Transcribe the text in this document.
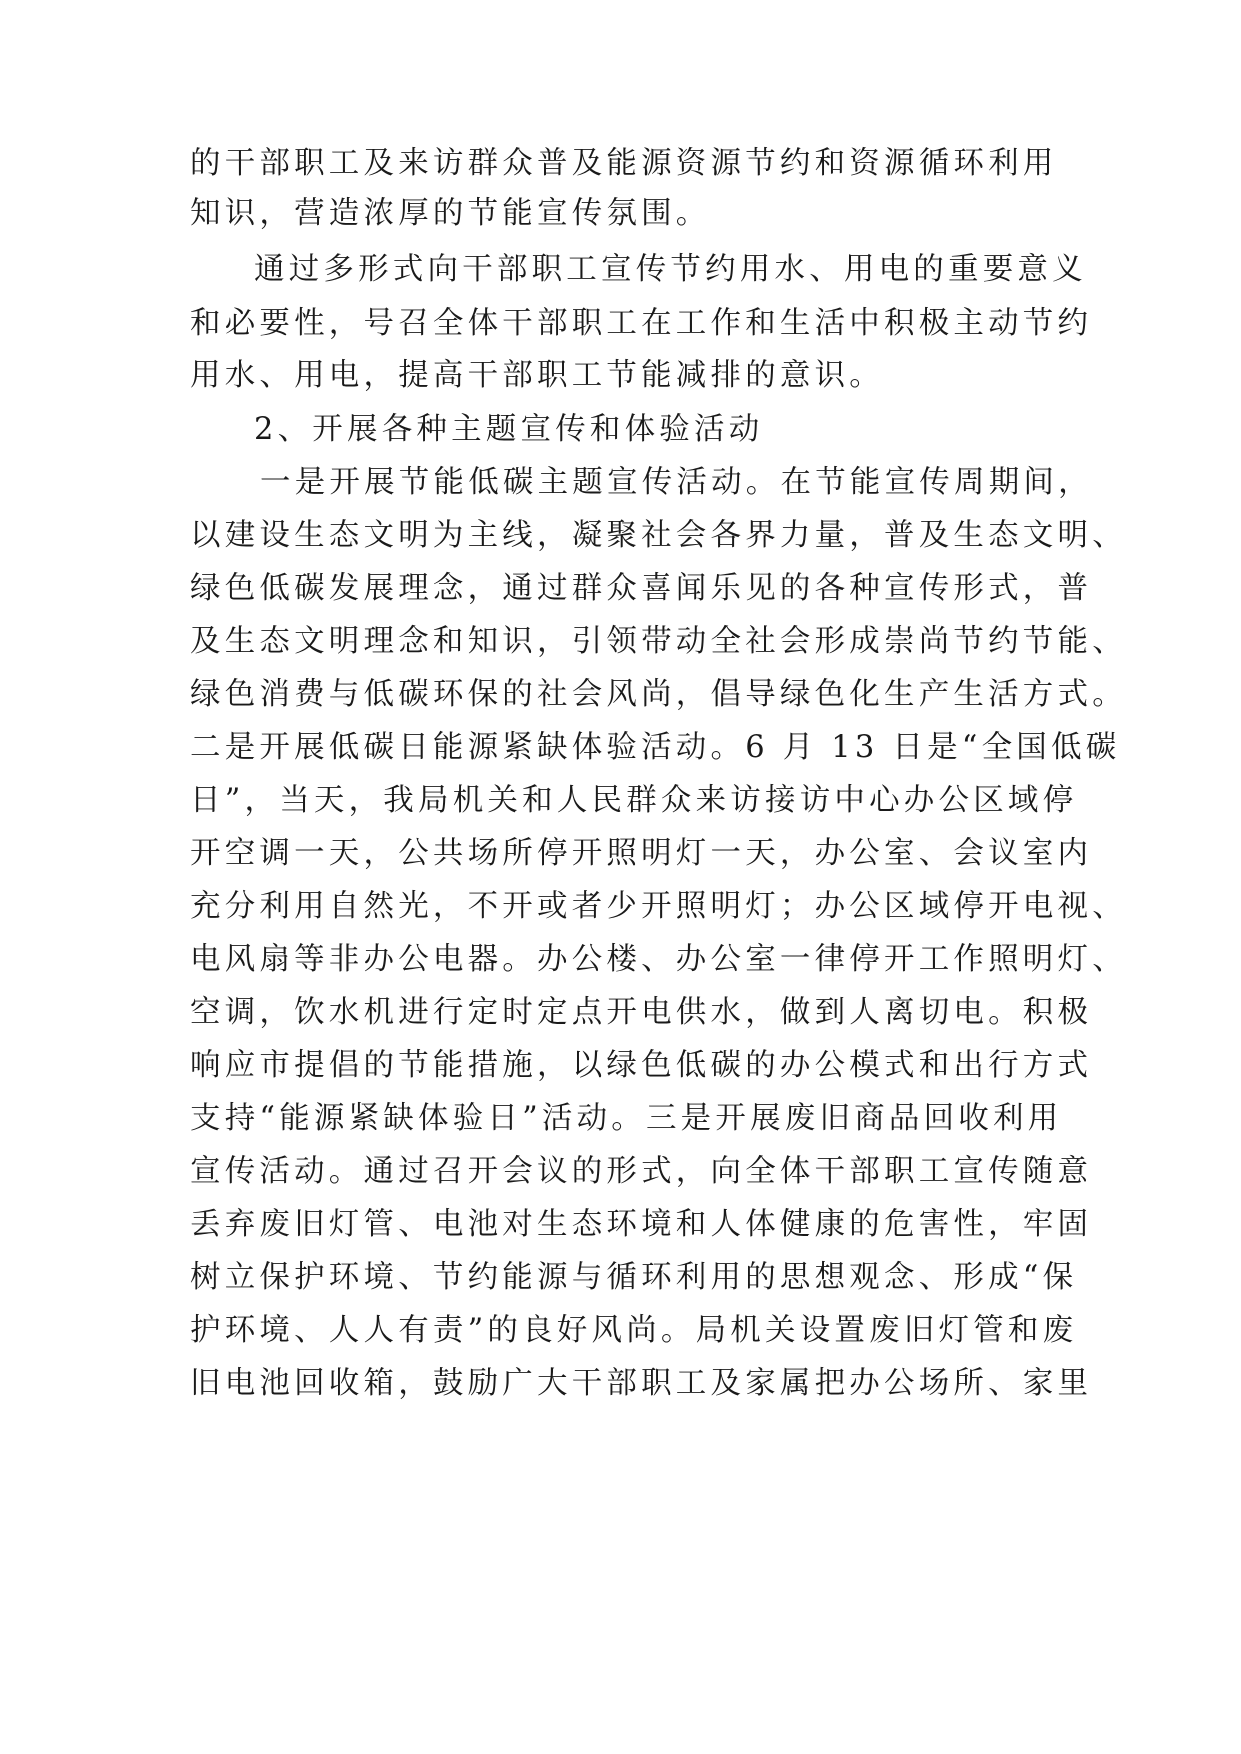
的干部职工及来访群众普及能源资源节约和资源循环利用
知识，营造浓厚的节能宣传氛围。
通过多形式向干部职工宣传节约用水、用电的重要意义
和必要性，号召全体干部职工在工作和生活中积极主动节约
用水、用电，提高干部职工节能减排的意识。
2、开展各种主题宣传和体验活动
一是开展节能低碳主题宣传活动。在节能宣传周期间，
以建设生态文明为主线，凝聚社会各界力量，普及生态文明、
绿色低碳发展理念，通过群众喜闻乐见的各种宣传形式，普
及生态文明理念和知识，引领带动全社会形成崇尚节约节能、
绿色消费与低碳环保的社会风尚，倡导绿色化生产生活方式。
二是开展低碳日能源紧缺体验活动。6 月 13 日是“全国低碳
日”，当天，我局机关和人民群众来访接访中心办公区域停
开空调一天，公共场所停开照明灯一天，办公室、会议室内
充分利用自然光，不开或者少开照明灯；办公区域停开电视、
电风扇等非办公电器。办公楼、办公室一律停开工作照明灯、
空调，饮水机进行定时定点开电供水，做到人离切电。积极
响应市提倡的节能措施，以绿色低碳的办公模式和出行方式
支持“能源紧缺体验日”活动。三是开展废旧商品回收利用
宣传活动。通过召开会议的形式，向全体干部职工宣传随意
丢弃废旧灯管、电池对生态环境和人体健康的危害性，牢固
树立保护环境、节约能源与循环利用的思想观念、形成“保
护环境、人人有责”的良好风尚。局机关设置废旧灯管和废
旧电池回收箱，鼓励广大干部职工及家属把办公场所、家里
